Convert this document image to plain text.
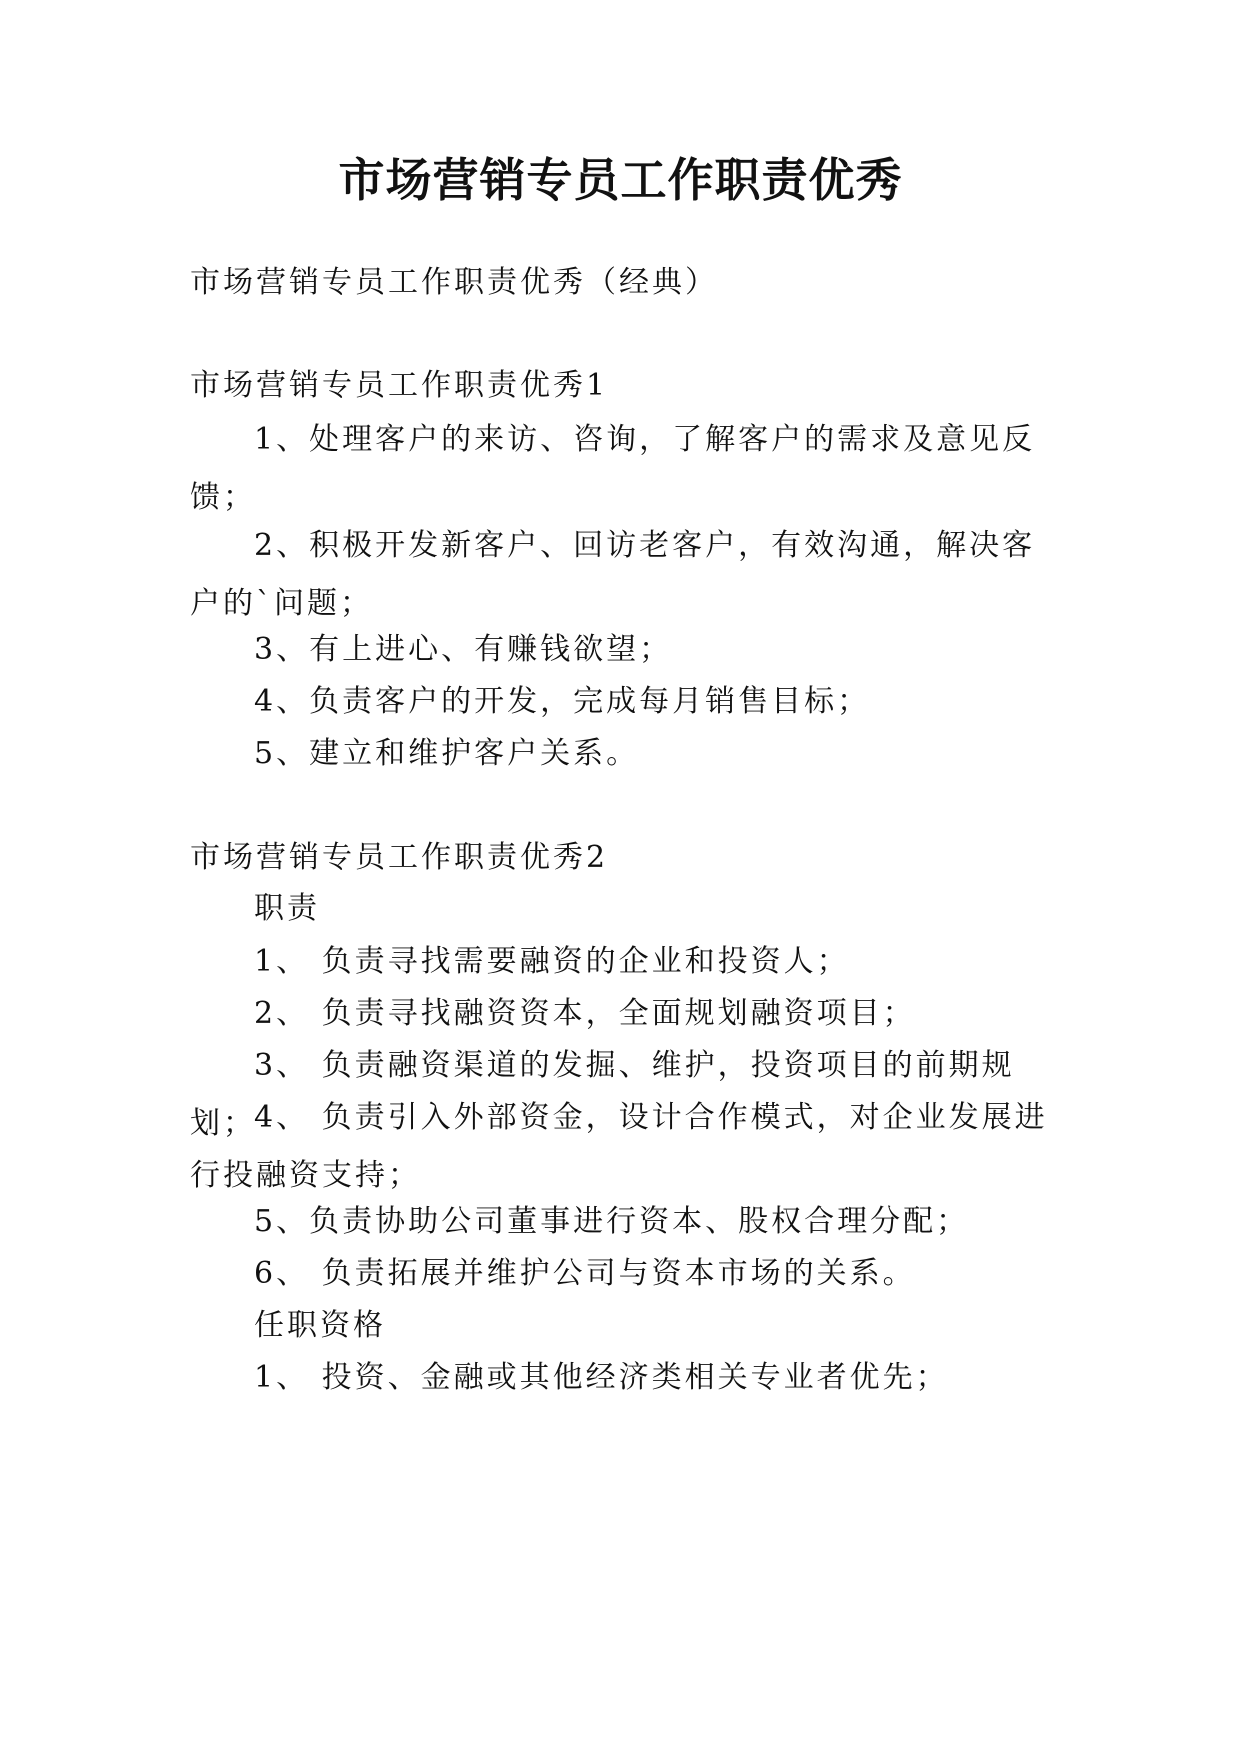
市场营销专员工作职责优秀
市场营销专员工作职责优秀（经典）
市场营销专员工作职责优秀1
1、处理客户的来访、咨询，了解客户的需求及意见反馈；
2、积极开发新客户、回访老客户，有效沟通，解决客户的`问题；
3、有上进心、有赚钱欲望；
4、负责客户的开发，完成每月销售目标；
5、建立和维护客户关系。
市场营销专员工作职责优秀2
职责
1、 负责寻找需要融资的企业和投资人；
2、 负责寻找融资资本，全面规划融资项目；
3、 负责融资渠道的发掘、维护，投资项目的前期规划；
4、 负责引入外部资金，设计合作模式，对企业发展进行投融资支持；
5、负责协助公司董事进行资本、股权合理分配；
6、 负责拓展并维护公司与资本市场的关系。
任职资格
1、 投资、金融或其他经济类相关专业者优先；
